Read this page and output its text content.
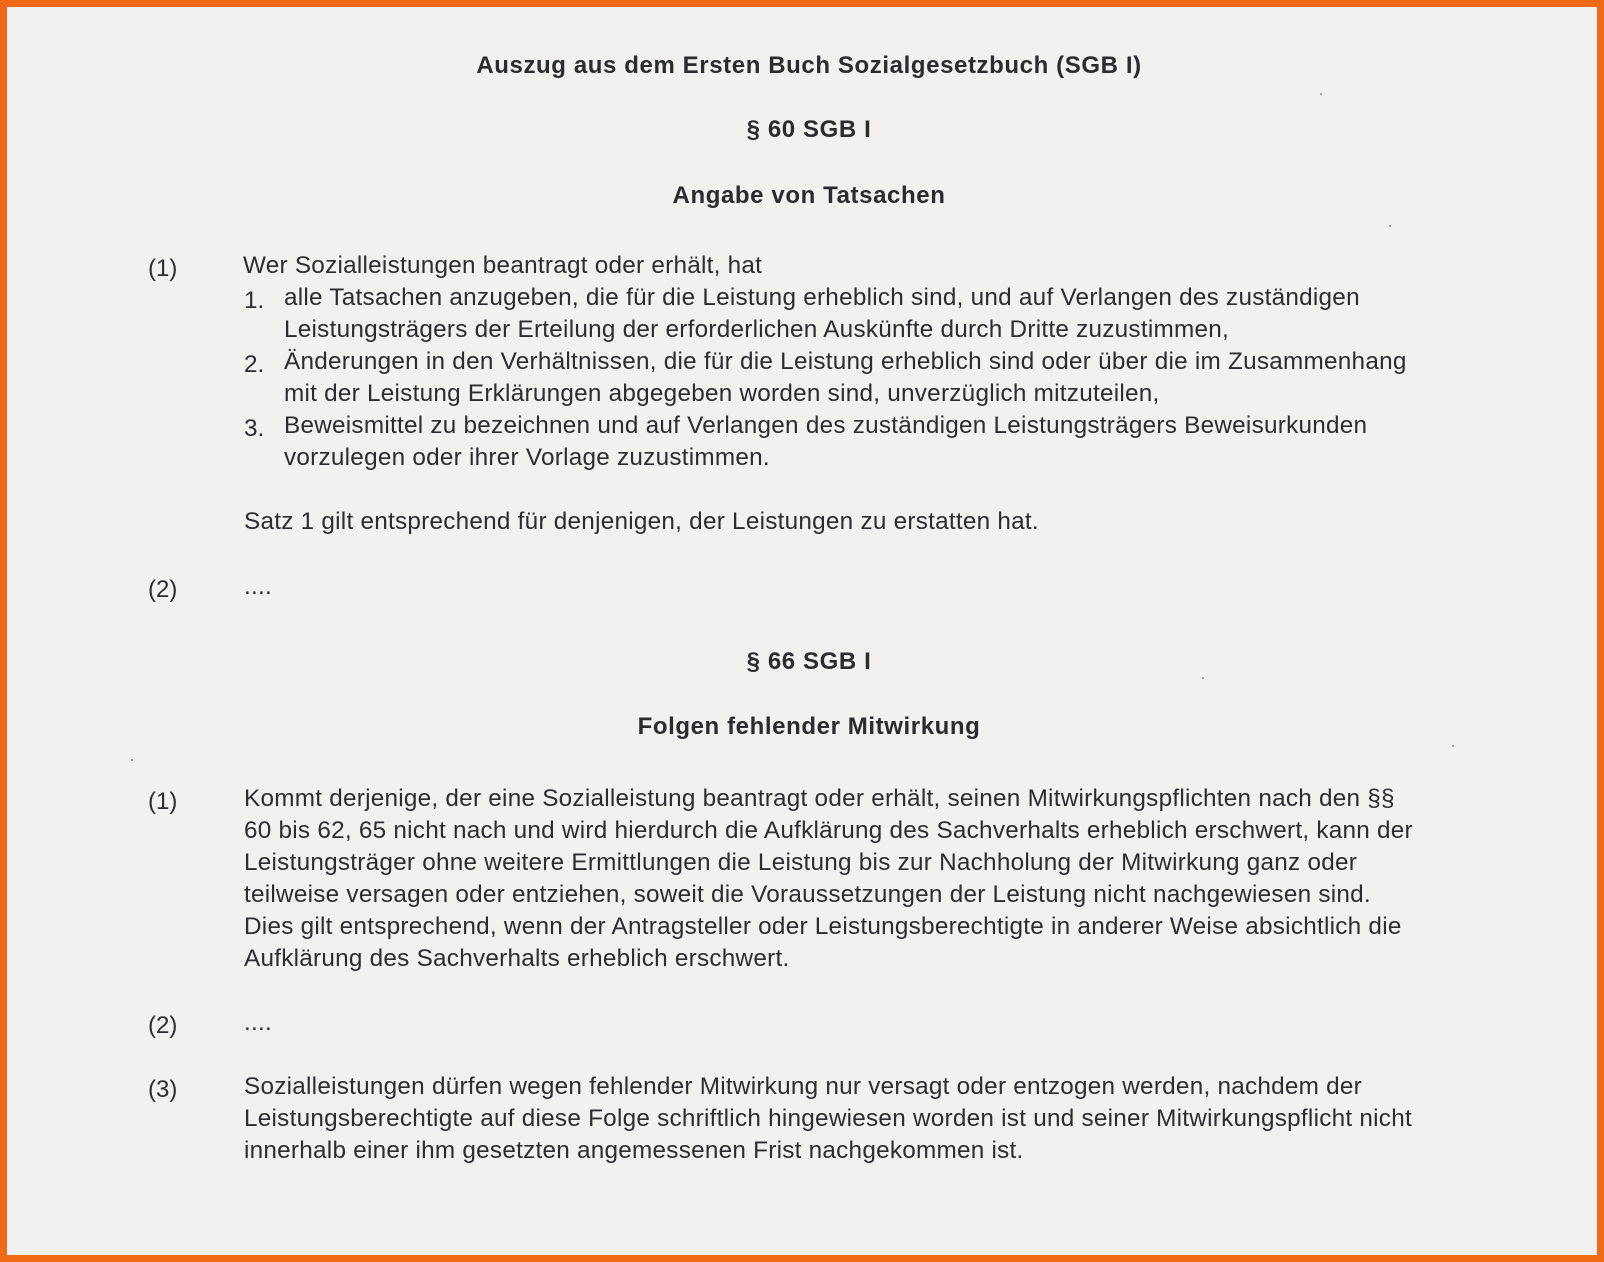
Auszug aus dem Ersten Buch Sozialgesetzbuch (SGB I)
§ 60 SGB I
Angabe von Tatsachen
(1)	Wer Sozialleistungen beantragt oder erhält, hat
1. alle Tatsachen anzugeben, die für die Leistung erheblich sind, und auf Verlangen des zuständigen
Leistungsträgers der Erteilung der erforderlichen Auskünfte durch Dritte zuzustimmen,
2. Änderungen in den Verhältnissen, die für die Leistung erheblich sind oder über die im Zusammenhang
mit der Leistung Erklärungen abgegeben worden sind, unverzüglich mitzuteilen,
3. Beweismittel zu bezeichnen und auf Verlangen des zuständigen Leistungsträgers Beweisurkunden
vorzulegen oder ihrer Vorlage zuzustimmen.
Satz 1 gilt entsprechend für denjenigen, der Leistungen zu erstatten hat.
(2)	....
§ 66 SGB I
Folgen fehlender Mitwirkung
(1)	Kommt derjenige, der eine Sozialleistung beantragt oder erhält, seinen Mitwirkungspflichten nach den §§
60 bis 62, 65 nicht nach und wird hierdurch die Aufklärung des Sachverhalts erheblich erschwert, kann der
Leistungsträger ohne weitere Ermittlungen die Leistung bis zur Nachholung der Mitwirkung ganz oder
teilweise versagen oder entziehen, soweit die Voraussetzungen der Leistung nicht nachgewiesen sind.
Dies gilt entsprechend, wenn der Antragsteller oder Leistungsberechtigte in anderer Weise absichtlich die
Aufklärung des Sachverhalts erheblich erschwert.
(2)	....
(3)	Sozialleistungen dürfen wegen fehlender Mitwirkung nur versagt oder entzogen werden, nachdem der
Leistungsberechtigte auf diese Folge schriftlich hingewiesen worden ist und seiner Mitwirkungspflicht nicht
innerhalb einer ihm gesetzten angemessenen Frist nachgekommen ist.
